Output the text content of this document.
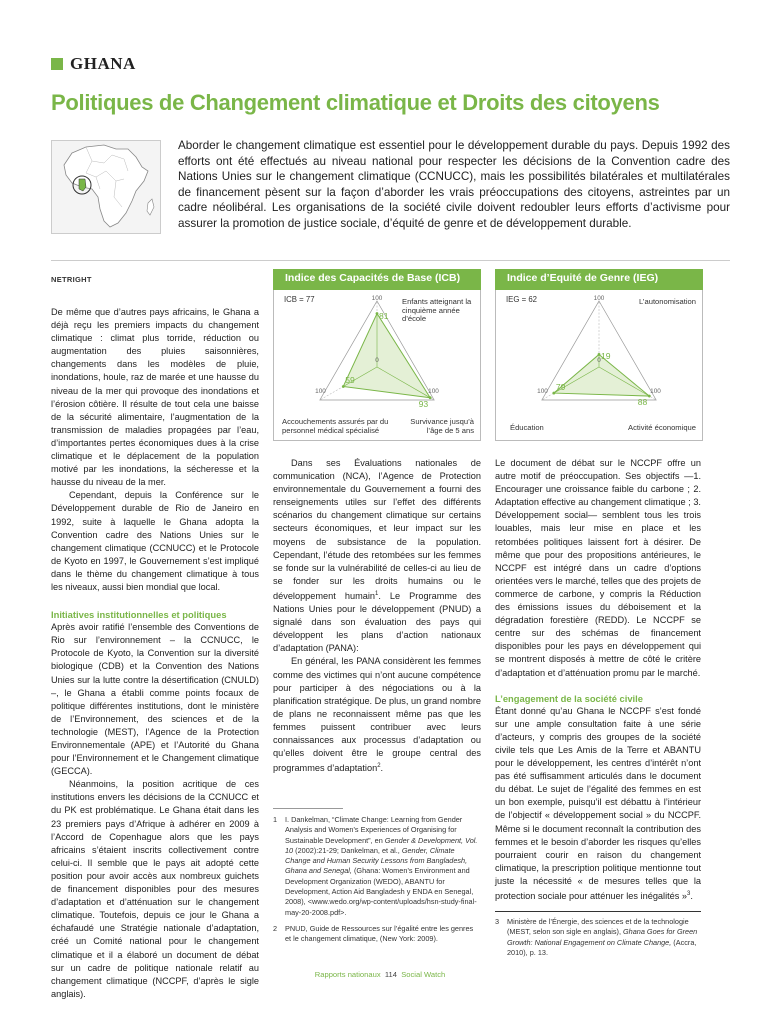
GHANA
Politiques de Changement climatique et Droits des citoyens
Aborder le changement climatique est essentiel pour le développement durable du pays. Depuis 1992 des efforts ont été effectués au niveau national pour respecter les décisions de la Convention cadre des Nations Unies sur le changement climatique (CCNUCC), mais les possibilités bilatérales et multilatérales de financement pèsent sur la façon d’aborder les vrais préoccupations des citoyens, astreintes par un cadre néolibéral. Les organisations de la société civile doivent redoubler leurs efforts d’activisme pour assurer la promotion de justice sociale, d’équité de genre et de développement durable.
NETRIGHT

De même que d’autres pays africains, le Ghana a déjà reçu les premiers impacts du changement climatique : climat plus torride, réduction ou augmentation des pluies saisonnières, changements dans les modèles de pluie, inondations, houle, raz de marée et une hausse du niveau de la mer qui provoque des inondations et l’érosion côtière. Il résulte de tout cela une baisse de la sécurité alimentaire, l’augmentation de la transmission de maladies propagées par l’eau, d’importantes pertes économiques dues à la crise climatique et le déplacement de la population motivé par les inondations, la sécheresse et la hausse du niveau de la mer.

Cependant, depuis la Conférence sur le Développement durable de Rio de Janeiro en 1992, suite à laquelle le Ghana adopta la Convention cadre des Nations Unies sur le changement climatique (CCNUCC) et le Protocole de Kyoto en 1997, le Gouvernement s’est impliqué dans le thème du changement climatique à tous les niveaux, aussi bien mondial que local.

Initiatives institutionnelles et politiques

Après avoir ratifié l’ensemble des Conventions de Rio sur l’environnement – la CCNUCC, le Protocole de Kyoto, la Convention sur la diversité biologique (CDB) et la Convention des Nations Unies sur la lutte contre la désertification (CNULD) –, le Ghana a établi comme points focaux de politique différentes institutions, dont le ministère de l’Environnement, des sciences et de la technologie (MEST), l’Agence de la Protection Environnementale (APE) et l’Autorité du Ghana pour l’Environnement et le Changement climatique (GECCA).

Néanmoins, la position acritique de ces institutions envers les décisions de la CCNUCC et du PK est problématique. Le Ghana était dans les 23 premiers pays d’Afrique à adhérer en 2009 à l’Accord de Copenhague alors que les pays africains s’étaient inscrits collectivement contre celui-ci. Il semble que le pays ait adopté cette position pour avoir accès aux nombreux guichets de financement disponibles pour des mesures d’adaptation et d’atténuation sur le changement climatique. Toutefois, depuis ce jour le Ghana a échafaudé une Stratégie nationale d’adaptation, créé un Comité national pour le changement climatique et il a élaboré un document de débat sur un cadre de politique nationale relatif au changement climatique (NCCPF, d’après le sigle anglais).

Indice des Capacités de Base (ICB)
ICB = 77	100
100
100
0
81
93
59
Enfants atteignant la cinquième année d’école
Survivance jusqu’à l’âge de 5 ans
Accouchements assurés par du personnel médical spécialisé
Indice d’Equité de Genre (IEG)
IEG = 62	100
100
100
0 19
88
79
L’autonomisation
Activité économique
Éducation

Dans ses Évaluations nationales de communication (NCA), l’Agence de Protection environnementale du Gouvernement a fourni des renseignements utiles sur l’effet des différents scénarios du changement climatique sur certains secteurs économiques, et leur impact sur les moyens de subsistance de la population. Cependant, l’étude des retombées sur les femmes se fonde sur la vulnérabilité de celles-ci au lieu de se fonder sur les droits humains ou le développement humain$^1$. Le Programme des Nations Unies pour le développement (PNUD) a signalé dans son évaluation des pays qui développent les plans d’action nationaux d’adaptation (PANA):

En général, les PANA considèrent les femmes comme des victimes qui n’ont aucune compétence pour participer à des négociations ou à la planification stratégique. De plus, un grand nombre de plans ne reconnaissent même pas que les femmes puissent contribuer avec leurs connaissances aux processus d’adaptation ou qu’elles doivent être le groupe central des programmes d’adaptation$^2$.

1	I. Dankelman, “Climate Change: Learning from Gender Analysis and Women’s Experiences of Organising for Sustainable Development”, en Gender & Development, Vol. 10 (2002):21-29; Dankelman, et al., Gender, Climate Change and Human Security Lessons from Bangladesh, Ghana and Senegal, (Ghana: Women’s Environment and Development Organization (WEDO), ABANTU for Development, Action Aid Bangladesh y ENDA en Senegal, 2008), <www.wedo.org/wp-content/uploads/hsn-study-final-may-20-2008.pdf>.
2	PNUD, Guide de Ressources sur l’égalité entre les genres et le changement climatique, (New York: 2009).

Le document de débat sur le NCCPF offre un autre motif de préoccupation. Ses objectifs —1. Encourager une croissance faible du carbone ; 2. Adaptation effective au changement climatique ; 3. Développement social— semblent tous les trois louables, mais leur mise en place et les retombées politiques laissent fort à désirer. De même que pour des propositions antérieures, le NCCPF est intégré dans un cadre d’options orientées vers le marché, telles que des projets de commerce de carbone, y compris la Réduction des émissions issues du déboisement et la dégradation forestière (REDD). Le NCCPF se centre sur des schémas de financement disponibles pour les pays en développement qui se montrent disposés à mettre de côté le critère d’adaptation et d’atténuation promu par le marché.

L’engagement de la société civile

Étant donné qu’au Ghana le NCCPF s’est fondé sur une ample consultation faite à une série d’acteurs, y compris des groupes de la société civile tels que Les Amis de la Terre et ABANTU pour le développement, les centres d’intérêt n’ont pas été suffisamment articulés dans le document du débat. Le sujet de l’égalité des femmes en est un bon exemple, puisqu’il est débattu à l’intérieur de l’objectif « développement social » du NCCPF. Même si le document reconnaît la contribution des femmes et le besoin d’aborder les risques qu’elles pourraient courir en raison du changement climatique, la prescription politique mentionne tout juste la nécessité « de mesures telles que la protection sociale pour atténuer les inégalités »$^3$.

3	Ministère de l’Énergie, des sciences et de la technologie (MEST, selon son sigle en anglais), Ghana Goes for Green Growth: National Engagement on Climate Change, (Accra, 2010), p. 13.
Rapports nationaux 114 Social Watch
